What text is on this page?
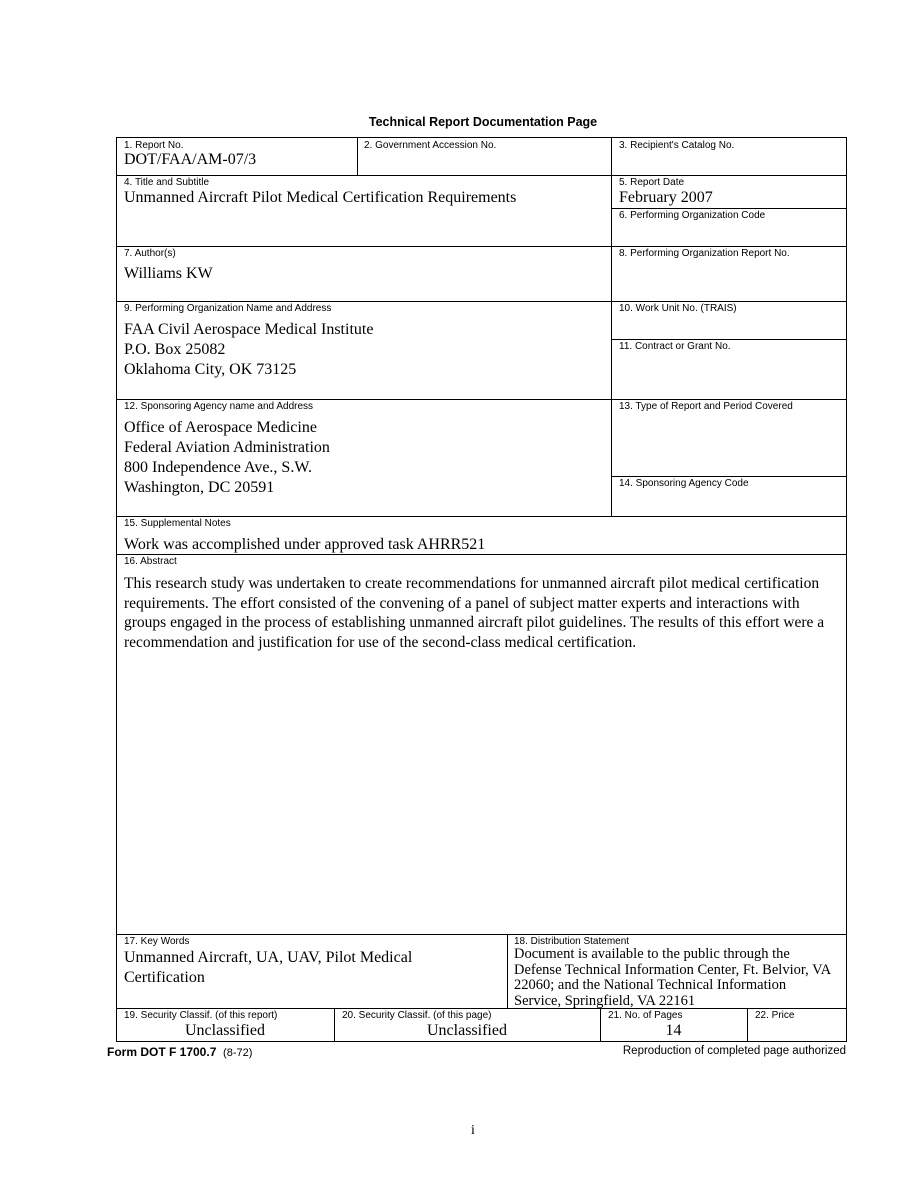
Technical Report Documentation Page
1. Report No.
DOT/FAA/AM-07/3
2. Government Accession No.	3. Recipient's Catalog No.
4. Title and Subtitle
Unmanned Aircraft Pilot Medical Certification Requirements
5. Report Date
February 2007
6. Performing Organization Code
7. Author(s)
Williams KW
8. Performing Organization Report No.
9. Performing Organization Name and Address
FAA Civil Aerospace Medical Institute
P.O. Box 25082
Oklahoma City, OK 73125
10. Work Unit No. (TRAIS)
11. Contract or Grant No.
12. Sponsoring Agency name and Address
Office of Aerospace Medicine
Federal Aviation Administration
800 Independence Ave., S.W.
Washington, DC 20591
13. Type of Report and Period Covered
14. Sponsoring Agency Code
15. Supplemental Notes
Work was accomplished under approved task AHRR521
16. Abstract
This research study was undertaken to create recommendations for unmanned aircraft pilot medical certification requirements. The effort consisted of the convening of a panel of subject matter experts and interactions with groups engaged in the process of establishing unmanned aircraft pilot guidelines. The results of this effort were a recommendation and justification for use of the second-class medical certification.
17. Key Words
Unmanned Aircraft, UA, UAV, Pilot Medical
Certification
18. Distribution Statement
Document is available to the public through the
Defense Technical Information Center, Ft. Belvior, VA
22060; and the National Technical Information
Service, Springfield, VA 22161
19. Security Classif. (of this report)
Unclassified
20. Security Classif. (of this page)
Unclassified
21. No. of Pages
14
22. Price
Form DOT F 1700.7 (8-72)	Reproduction of completed page authorized
i
